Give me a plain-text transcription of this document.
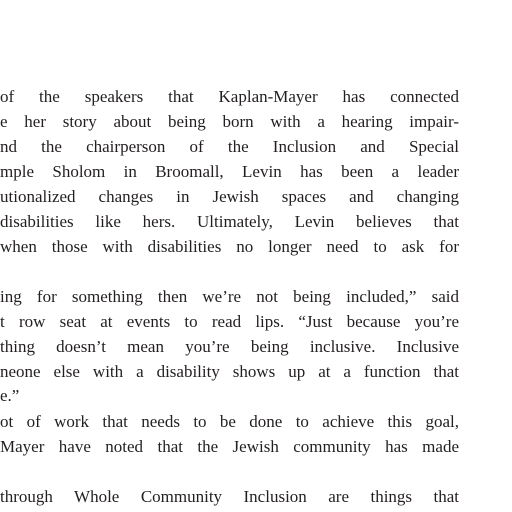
of the speakers that Kaplan-Mayer has connected
e her story about being born with a hearing impair-
nd the chairperson of the Inclusion and Special
mple Sholom in Broomall, Levin has been a leader
utionalized changes in Jewish spaces and changing
disabilities like hers. Ultimately, Levin believes that
when those with disabilities no longer need to ask for
ing for something then we’re not being included,” said
t row seat at events to read lips. “Just because you’re
thing doesn’t mean you’re being inclusive. Inclusive
neone else with a disability shows up at a function that
e.”
ot of work that needs to be done to achieve this goal,
Mayer have noted that the Jewish community has made
through Whole Community Inclusion are things that
